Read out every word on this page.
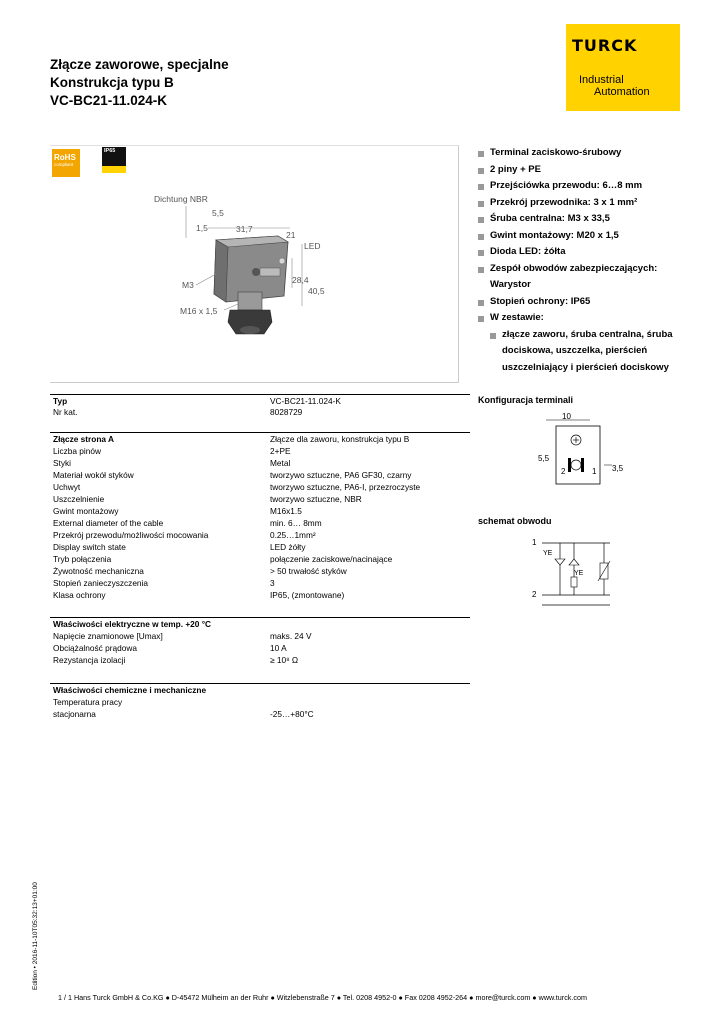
Złącze zaworowe, specjalne
Konstrukcja typu B
VC-BC21-11.024-K
TURCK
Industrial
Automation
RoHS
compliant
IP65
Dichtung NBR
5,5
1,5	31,7
21
LED
M3	28,4
40,5
M16 x 1,5
Terminal zaciskowo-śrubowy
2 piny + PE
Przejściówka przewodu: 6…8 mm
Przekrój przewodnika: 3 x 1 mm²
Śruba centralna: M3 x 33,5
Gwint montażowy: M20 x 1,5
Dioda LED: żółta
Zespół obwodów zabezpieczających: Warystor
Stopień ochrony: IP65
W zestawie:
złącze zaworu, śruba centralna, śruba dociskowa, uszczelka, pierścień uszczelniający i pierścień dociskowy
Typ	VC-BC21-11.024-K
Nr kat.	8028729
Złącze strona A	Złącze dla zaworu, konstrukcja typu B
Liczba pinów	2+PE
Styki	Metal
Materiał wokół styków	tworzywo sztuczne, PA6 GF30, czarny
Uchwyt	tworzywo sztuczne, PA6-I, przezroczyste
Uszczelnienie	tworzywo sztuczne, NBR
Gwint montażowy	M16x1.5
External diameter of the cable	min. 6… 8mm
Przekrój przewodu/możliwości mocowania	0.25…1mm²
Display switch state	LED żółty
Tryb połączenia	połączenie zaciskowe/nacinające
Żywotność mechaniczna	> 50 trwałość styków
Stopień zanieczyszczenia	3
Klasa ochrony	IP65, (zmontowane)
Właściwości elektryczne w temp. +20 °C
Napięcie znamionowe [Umax]	maks. 24 V
Obciążalność prądowa	10 A
Rezystancja izolacji	≥ 10⁸ Ω
Właściwości chemiczne i mechaniczne
Temperatura pracy
stacjonarna	-25…+80°C
Konfiguracja terminali
10
5,5
2	1 3,5
schemat obwodu
1
2
YE
YE
Edition • 2016-11-10T05:32:13+01:00
1 / 1 Hans Turck GmbH & Co.KG ● D-45472 Mülheim an der Ruhr ● Witzlebenstraße 7 ● Tel. 0208 4952-0 ● Fax 0208 4952-264 ● more@turck.com ● www.turck.com
